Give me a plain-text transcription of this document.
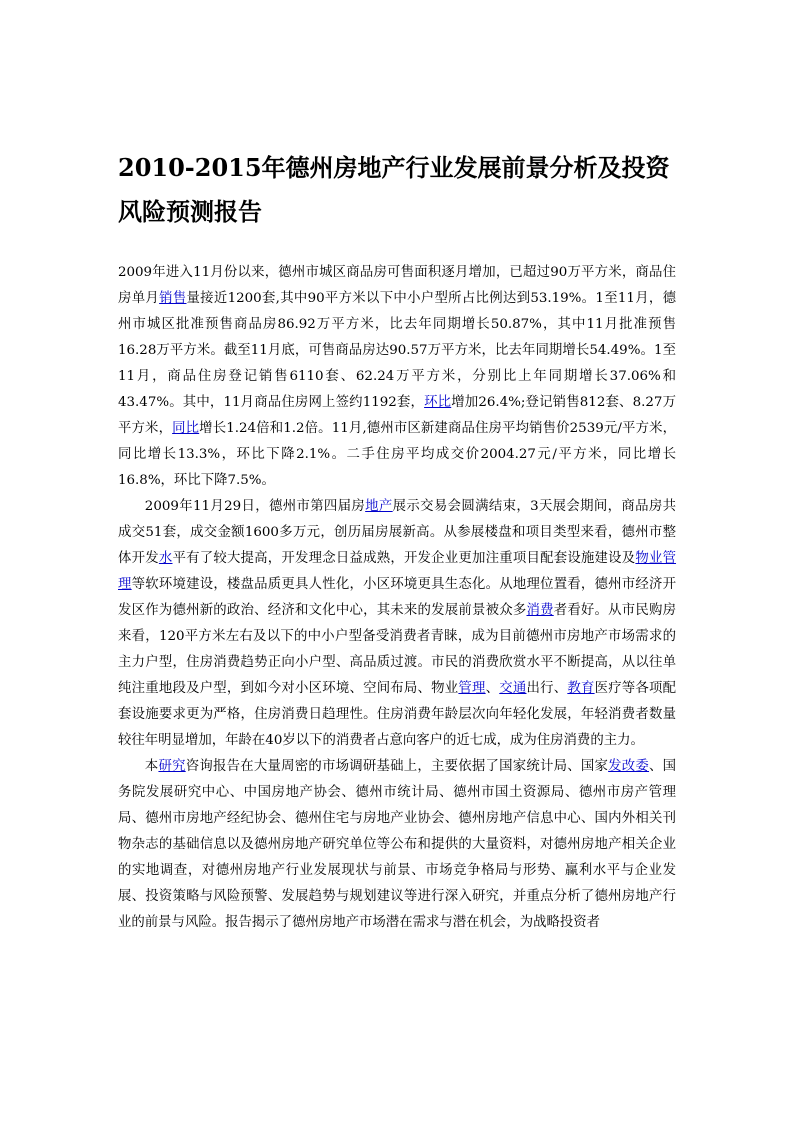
2010-2015年德州房地产行业发展前景分析及投资风险预测报告

2009年进入11月份以来，德州市城区商品房可售面积逐月增加，已超过90万平方米，商品住房单月销售量接近1200套,其中90平方米以下中小户型所占比例达到53.19%。1至11月，德州市城区批准预售商品房86.92万平方米，比去年同期增长50.87%，其中11月批准预售16.28万平方米。截至11月底，可售商品房达90.57万平方米，比去年同期增长54.49%。1至11月，商品住房登记销售6110套、62.24万平方米，分别比上年同期增长37.06%和43.47%。其中，11月商品住房网上签约1192套，环比增加26.4%;登记销售812套、8.27万平方米，同比增长1.24倍和1.2倍。11月,德州市区新建商品住房平均销售价2539元/平方米，同比增长13.3%，环比下降2.1%。二手住房平均成交价2004.27元/平方米，同比增长16.8%，环比下降7.5%。

2009年11月29日，德州市第四届房地产展示交易会圆满结束，3天展会期间，商品房共成交51套，成交金额1600多万元，创历届房展新高。从参展楼盘和项目类型来看，德州市整体开发水平有了较大提高，开发理念日益成熟，开发企业更加注重项目配套设施建设及物业管理等软环境建设，楼盘品质更具人性化，小区环境更具生态化。从地理位置看，德州市经济开发区作为德州新的政治、经济和文化中心，其未来的发展前景被众多消费者看好。从市民购房来看，120平方米左右及以下的中小户型备受消费者青睐，成为目前德州市房地产市场需求的主力户型，住房消费趋势正向小户型、高品质过渡。市民的消费欣赏水平不断提高，从以往单纯注重地段及户型，到如今对小区环境、空间布局、物业管理、交通出行、教育医疗等各项配套设施要求更为严格，住房消费日趋理性。住房消费年龄层次向年轻化发展，年轻消费者数量较往年明显增加，年龄在40岁以下的消费者占意向客户的近七成，成为住房消费的主力。

本研究咨询报告在大量周密的市场调研基础上，主要依据了国家统计局、国家发改委、国务院发展研究中心、中国房地产协会、德州市统计局、德州市国土资源局、德州市房产管理局、德州市房地产经纪协会、德州住宅与房地产业协会、德州房地产信息中心、国内外相关刊物杂志的基础信息以及德州房地产研究单位等公布和提供的大量资料，对德州房地产相关企业的实地调查，对德州房地产行业发展现状与前景、市场竞争格局与形势、赢利水平与企业发展、投资策略与风险预警、发展趋势与规划建议等进行深入研究，并重点分析了德州房地产行业的前景与风险。报告揭示了德州房地产市场潜在需求与潜在机会，为战略投资者
